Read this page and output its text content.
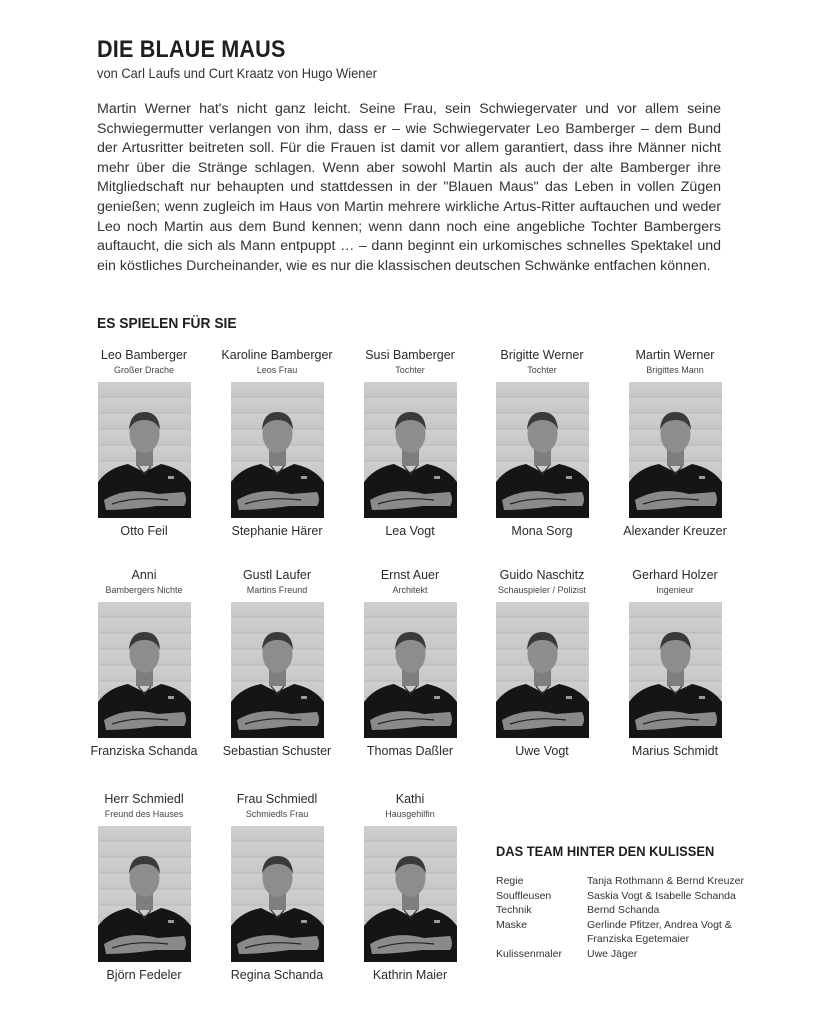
DIE BLAUE MAUS
von Carl Laufs und Curt Kraatz von Hugo Wiener

Martin Werner hat's nicht ganz leicht. Seine Frau, sein Schwiegervater und vor allem seine Schwiegermutter verlangen von ihm, dass er – wie Schwiegervater Leo Bamberger – dem Bund der Artusritter beitreten soll. Für die Frauen ist damit vor allem garantiert, dass ihre Männer nicht mehr über die Stränge schlagen. Wenn aber sowohl Martin als auch der alte Bamberger ihre Mitgliedschaft nur behaupten und stattdessen in der "Blauen Maus" das Leben in vollen Zügen genießen; wenn zugleich im Haus von Martin mehrere wirkliche Artus-Ritter auftauchen und weder Leo noch Martin aus dem Bund kennen; wenn dann noch eine angebliche Tochter Bambergers auftaucht, die sich als Mann entpuppt … – dann beginnt ein urkomisches schnelles Spektakel und ein köstliches Durcheinander, wie es nur die klassischen deutschen Schwänke entfachen können.

ES SPIELEN FÜR SIE
Leo Bamberger
Großer Drache
Otto Feil
Karoline Bamberger
Leos Frau
Stephanie Härer
Susi Bamberger
Tochter
Lea Vogt
Brigitte Werner
Tochter
Mona Sorg
Martin Werner
Brigittes Mann
Alexander Kreuzer
Anni
Bambergers Nichte
Franziska Schanda
Gustl Laufer
Martins Freund
Sebastian Schuster
Ernst Auer
Architekt
Thomas Daßler
Guido Naschitz
Schauspieler / Polizist
Uwe Vogt
Gerhard Holzer
Ingenieur
Marius Schmidt
Herr Schmiedl
Freund des Hauses
Björn Fedeler
Frau Schmiedl
Schmiedls Frau
Regina Schanda
Kathi
Hausgehilfin
Kathrin Maier
DAS TEAM HINTER DEN KULISSEN
Regie	Tanja Rothmann & Bernd Kreuzer
Souffleusen	Saskia Vogt & Isabelle Schanda
Technik	Bernd Schanda
Maske	Gerlinde Pfitzer, Andrea Vogt & Franziska Egetemaier
Kulissenmaler	Uwe Jäger
